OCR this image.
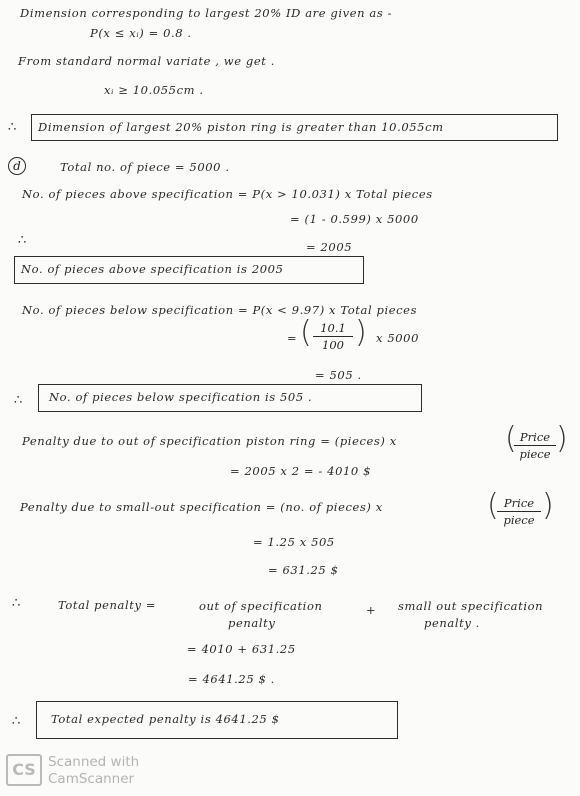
Dimension corresponding to largest 20% ID are given as -
P(x ≤ xᵢ) = 0.8 .
From standard normal variate , we get .
xᵢ ≥ 10.055cm .
∴ Dimension of largest 20% piston ring is greater than 10.055cm
d	Total no. of piece = 5000 .
No. of pieces above specification = P(x > 10.031) x Total pieces
= (1 - 0.599) x 5000
= 2005
∴
No. of pieces above specification is 2005
No. of pieces below specification = P(x < 9.97) x Total pieces
= ( 10.1
100 ) x 5000
= 505 .
∴ No. of pieces below specification is 505 .
Penalty due to out of specification piston ring = (pieces) x	( Price
piece )
= 2005 x 2 = - 4010 $
Penalty due to small-out specification = (no. of pieces) x	( Price
piece )
= 1.25 x 505
= 631.25 $
∴	Total penalty =	out of specification
penalty
+ small out specification
penalty .
= 4010 + 631.25
= 4641.25 $ .
∴	Total expected penalty is 4641.25 $
CS Scanned with
CamScanner
